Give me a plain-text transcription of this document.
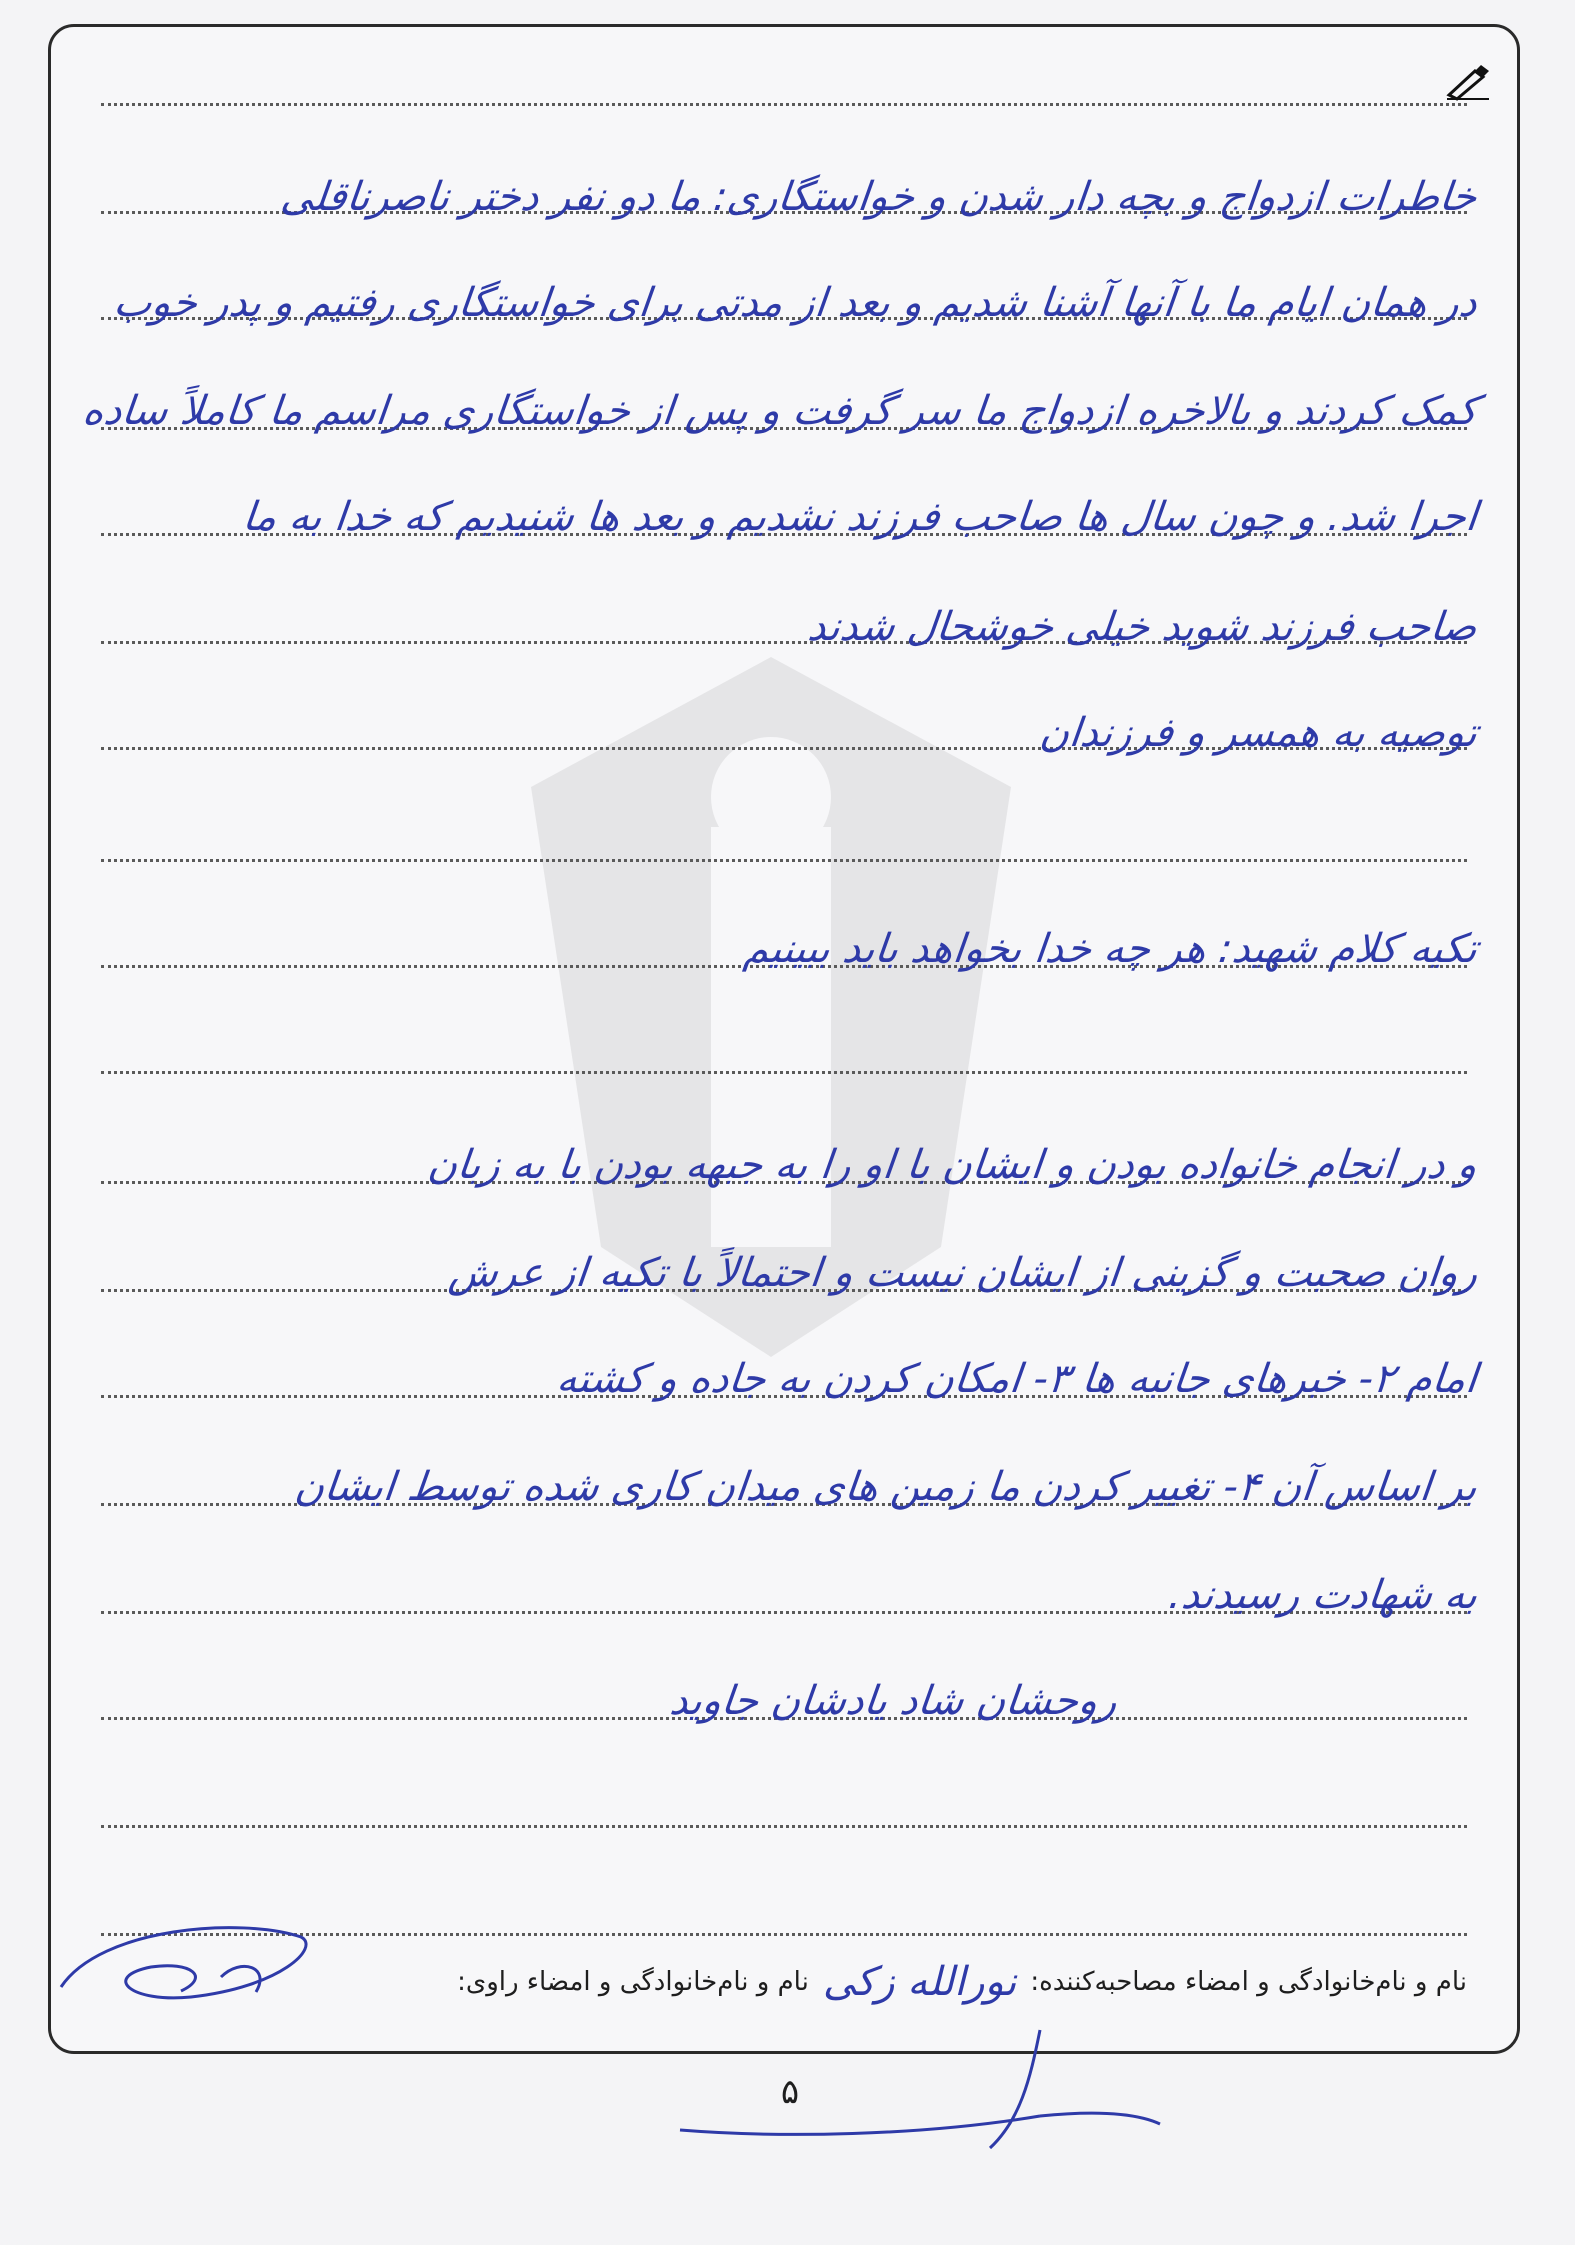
خاطرات ازدواج و بچه دار شدن و خواستگاری: ما دو نفر دختر ناصرناقلی
در همان ایام ما با آنها آشنا شدیم و بعد از مدتی برای خواستگاری رفتیم و پدر خوب
کمک کردند و بالاخره ازدواج ما سر گرفت و پس از خواستگاری مراسم ما کاملاً ساده
اجرا شد. و چون سال ها صاحب فرزند نشدیم و بعد ها شنیدیم که خدا به ما
صاحب فرزند شوید خیلی خوشحال شدند
توصیه به همسر و فرزندان
تکیه کلام شهید: هر چه خدا بخواهد باید ببینیم
و در انجام خانواده بودن و ایشان با او را به جبهه بودن با به زبان
روان صحبت و گزینی از ایشان نیست و احتمالاً با تکیه از عرش
امام ۲- خبرهای جانبه ها ۳- امکان کردن به جاده و کشته
بر اساس آن ۴- تغییر کردن ما زمین های میدان کاری شده توسط ایشان
به شهادت رسیدند.
روحشان شاد یادشان جاوید
نام و نام‌خانوادگی و امضاء مصاحبه‌کننده:
نورالله زکی
نام و نام‌خانوادگی و امضاء راوی:
۵
